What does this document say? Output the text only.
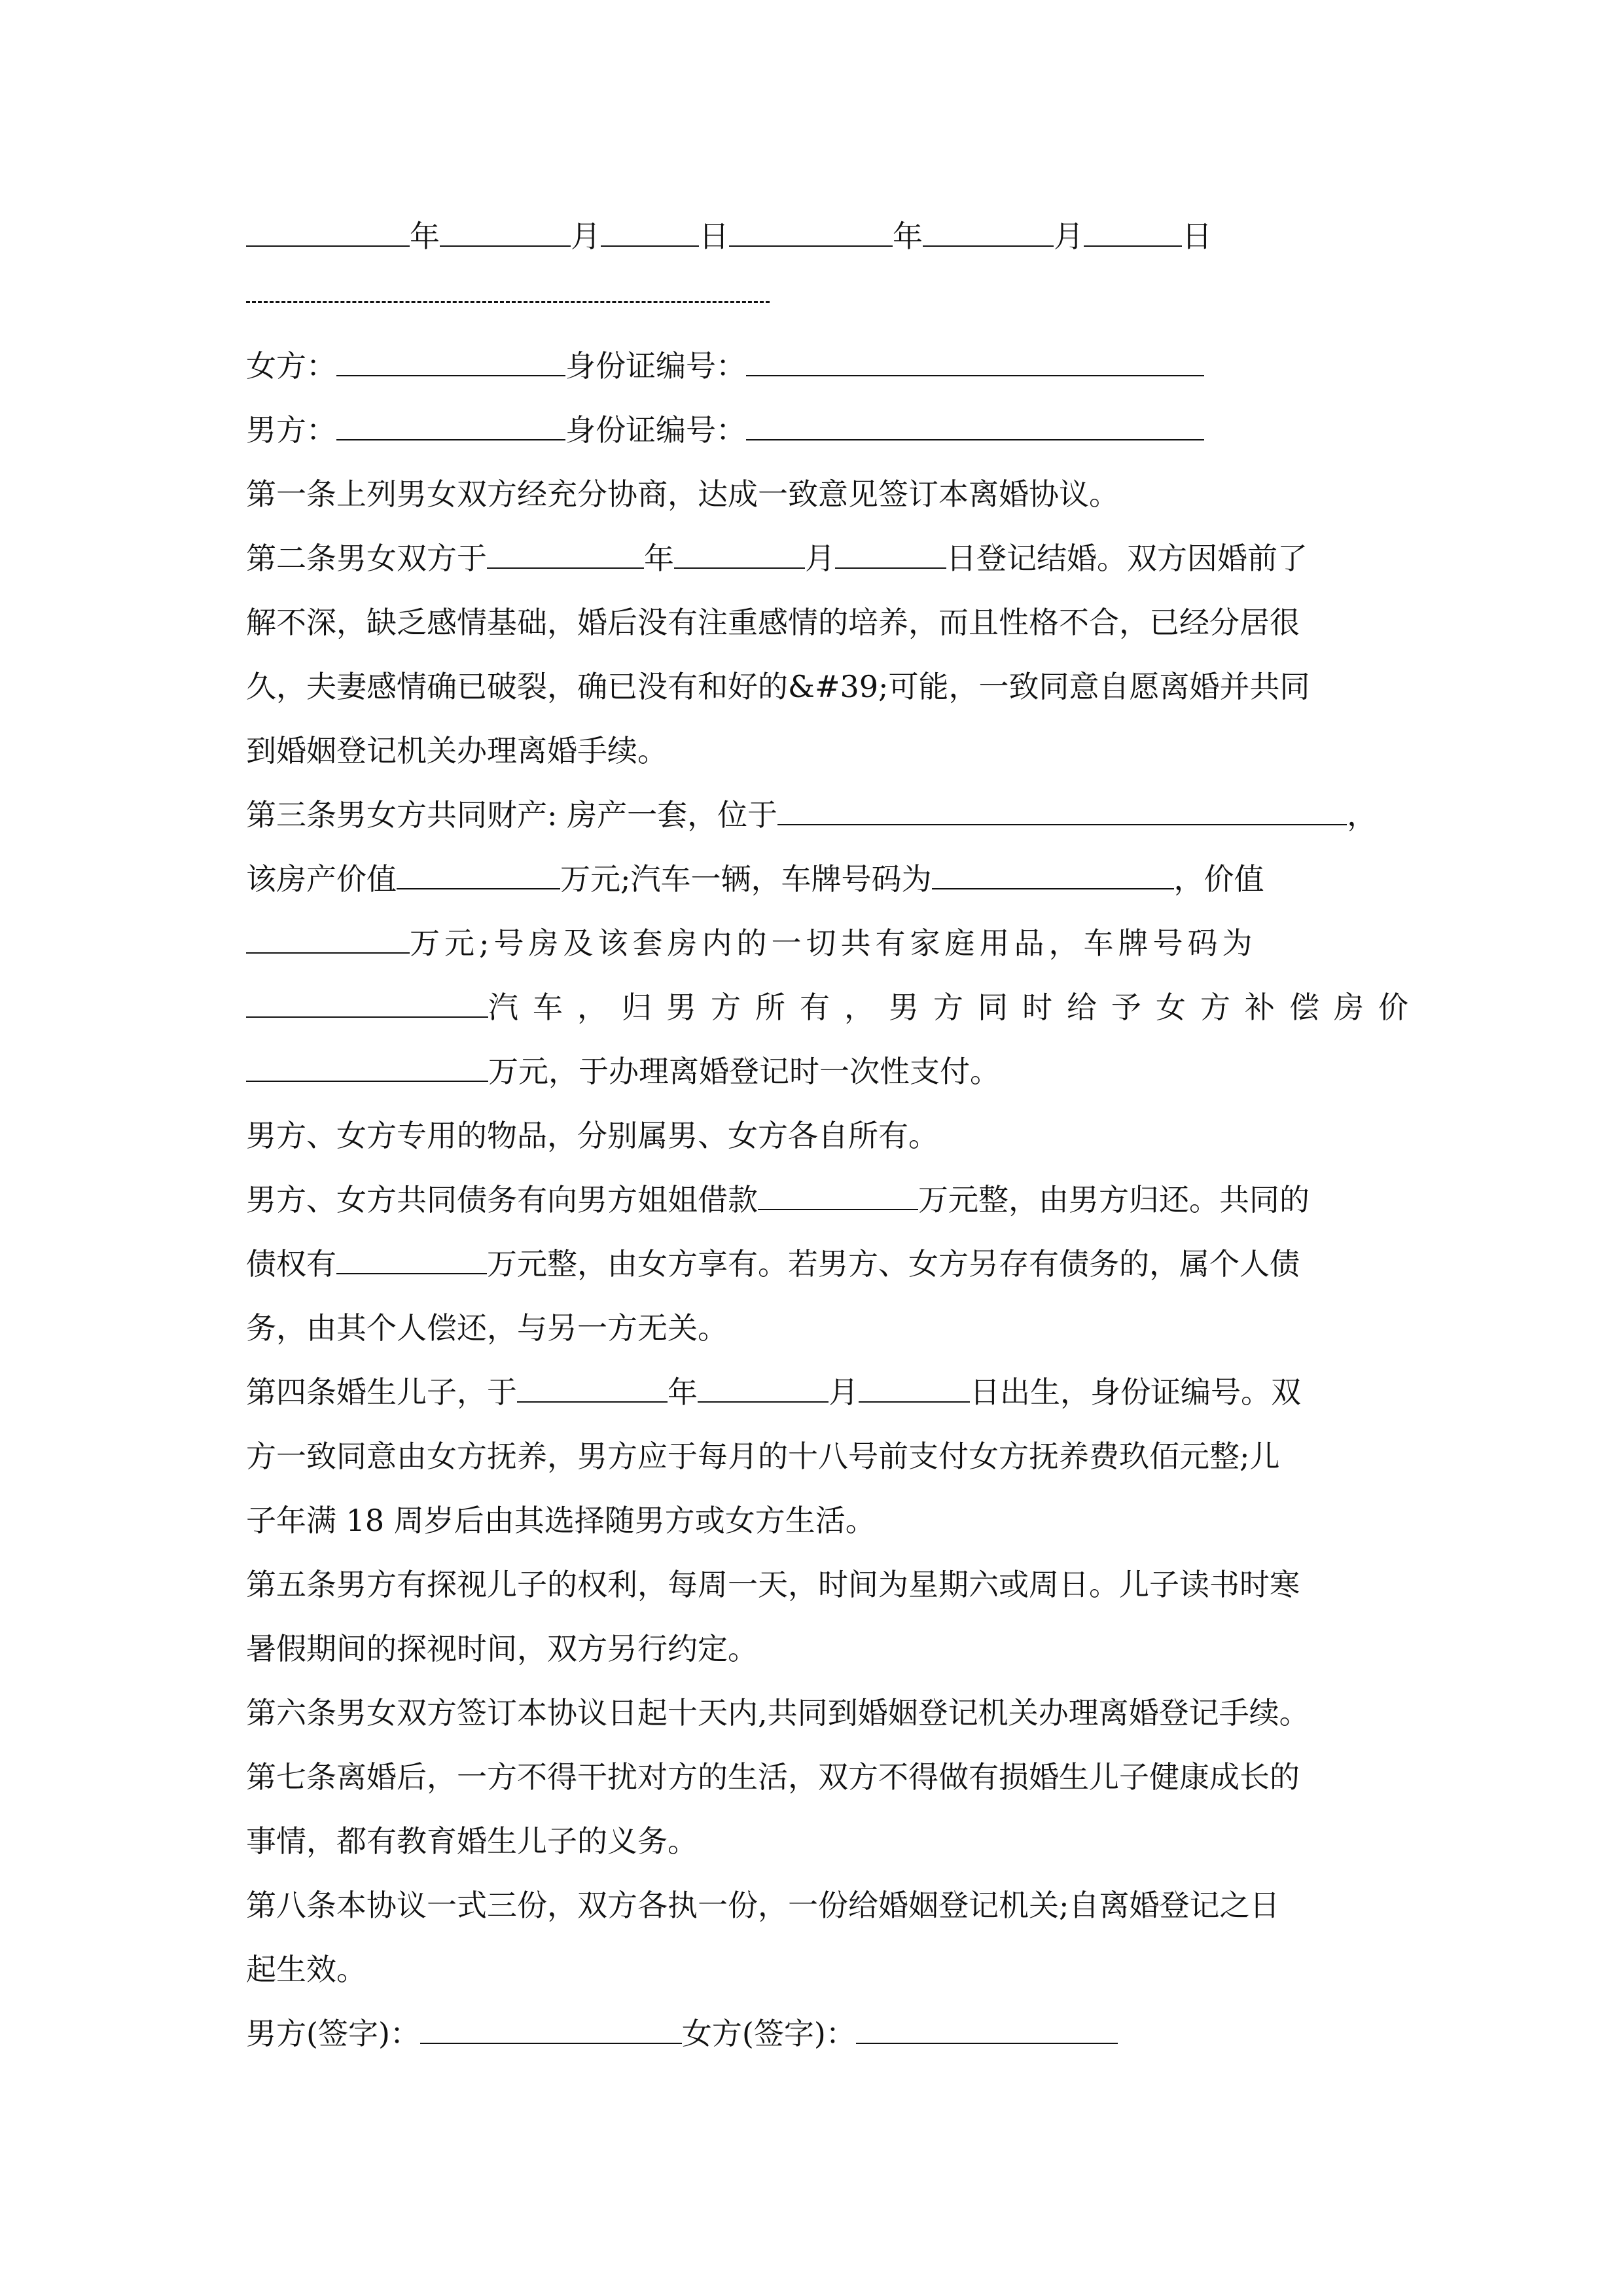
年	月	日	年	月	日
女方：	身份证编号：
男方：	身份证编号：
第一条上列男女双方经充分协商，达成一致意见签订本离婚协议。
第二条男女双方于	年	月	日登记结婚。双方因婚前了
解不深，缺乏感情基础，婚后没有注重感情的培养，而且性格不合，已经分居很
久，夫妻感情确已破裂，确已没有和好的&#39;可能，一致同意自愿离婚并共同
到婚姻登记机关办理离婚手续。
第三条男女方共同财产: 房产一套，位于	，
该房产价值	万元;汽车一辆，车牌号码为	，价值
万元;号房及该套房内的一切共有家庭用品，车牌号码为
汽车，归男方所有，男方同时给予女方补偿房价
万元，于办理离婚登记时一次性支付。
男方、女方专用的物品，分别属男、女方各自所有。
男方、女方共同债务有向男方姐姐借款	万元整，由男方归还。共同的
债权有	万元整，由女方享有。若男方、女方另存有债务的，属个人债
务，由其个人偿还，与另一方无关。
第四条婚生儿子，于	年	月	日出生，身份证编号。双
方一致同意由女方抚养，男方应于每月的十八号前支付女方抚养费玖佰元整;儿
子年满 18 周岁后由其选择随男方或女方生活。
第五条男方有探视儿子的权利，每周一天，时间为星期六或周日。儿子读书时寒
暑假期间的探视时间，双方另行约定。
第六条男女双方签订本协议日起十天内,共同到婚姻登记机关办理离婚登记手续。
第七条离婚后，一方不得干扰对方的生活，双方不得做有损婚生儿子健康成长的
事情，都有教育婚生儿子的义务。
第八条本协议一式三份，双方各执一份，一份给婚姻登记机关;自离婚登记之日
起生效。
男方(签字)：	女方(签字)：
